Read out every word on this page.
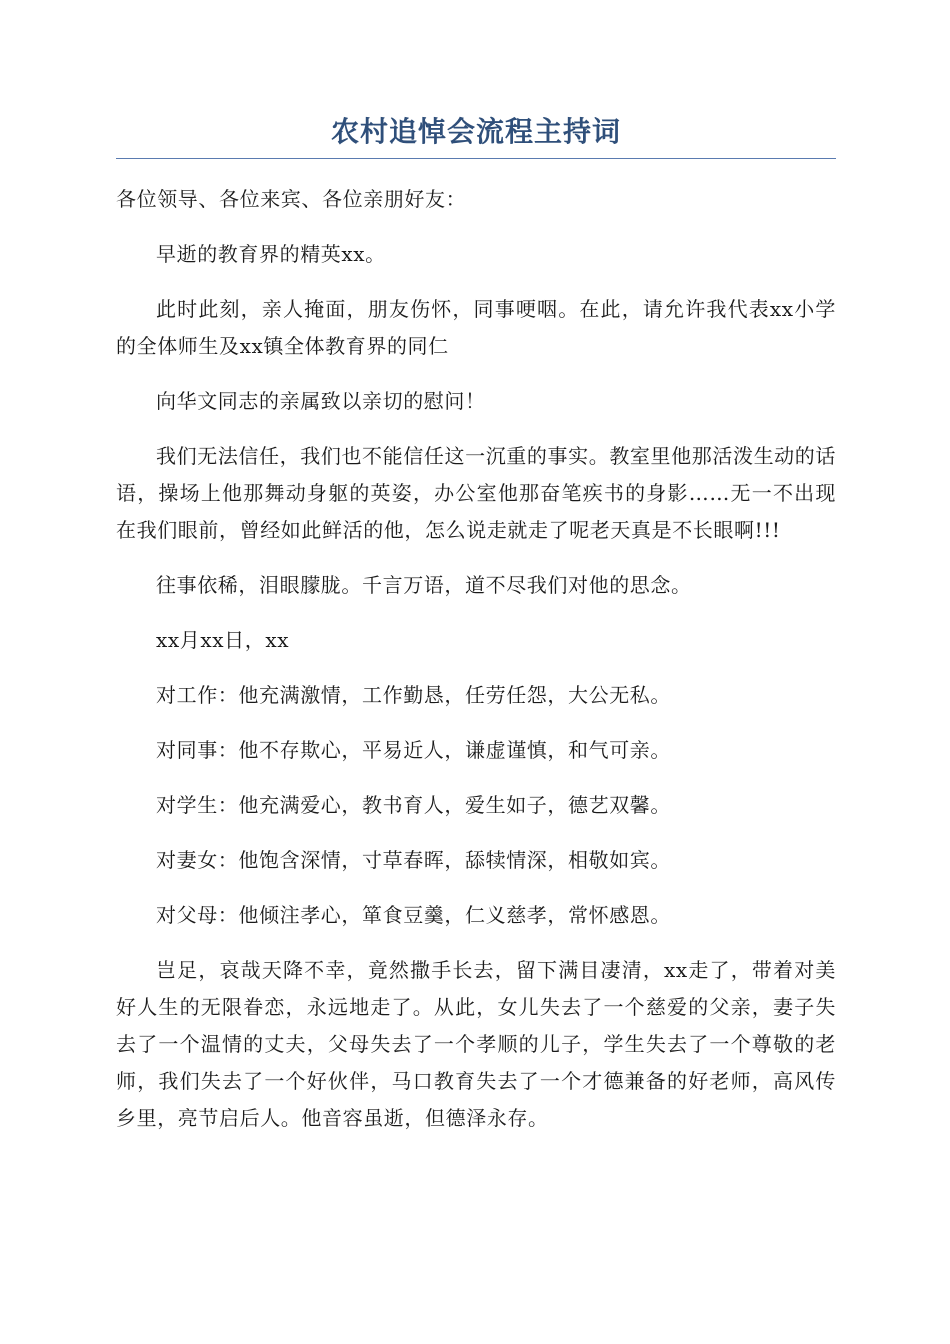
农村追悼会流程主持词

各位领导、各位来宾、各位亲朋好友：

早逝的教育界的精英xx。

此时此刻，亲人掩面，朋友伤怀，同事哽咽。在此，请允许我代表xx小学的全体师生及xx镇全体教育界的同仁

向华文同志的亲属致以亲切的慰问！

我们无法信任，我们也不能信任这一沉重的事实。教室里他那活泼生动的话语，操场上他那舞动身躯的英姿，办公室他那奋笔疾书的身影……无一不出现在我们眼前，曾经如此鲜活的他，怎么说走就走了呢老天真是不长眼啊!!!

往事依稀，泪眼朦胧。千言万语，道不尽我们对他的思念。

xx月xx日，xx

对工作：他充满激情，工作勤恳，任劳任怨，大公无私。

对同事：他不存欺心，平易近人，谦虚谨慎，和气可亲。

对学生：他充满爱心，教书育人，爱生如子，德艺双馨。

对妻女：他饱含深情，寸草春晖，舔犊情深，相敬如宾。

对父母：他倾注孝心，箪食豆羹，仁义慈孝，常怀感恩。

岂足，哀哉天降不幸，竟然撒手长去，留下满目凄清，xx走了，带着对美好人生的无限眷恋，永远地走了。从此，女儿失去了一个慈爱的父亲，妻子失去了一个温情的丈夫，父母失去了一个孝顺的儿子，学生失去了一个尊敬的老师，我们失去了一个好伙伴，马口教育失去了一个才德兼备的好老师，高风传乡里，亮节启后人。他音容虽逝，但德泽永存。
